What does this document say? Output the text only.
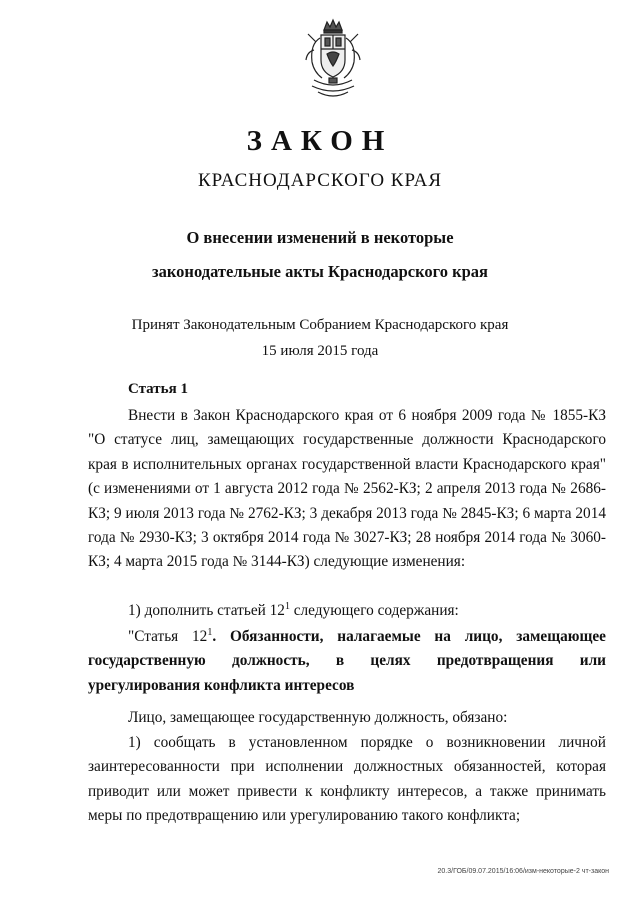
ЗАКОН
КРАСНОДАРСКОГО КРАЯ
О внесении изменений в некоторые
законодательные акты Краснодарского края
Принят Законодательным Собранием Краснодарского края
15 июля 2015 года
Статья 1
Внести в Закон Краснодарского края от 6 ноября 2009 года № 1855-КЗ "О статусе лиц, замещающих государственные должности Краснодарского края в исполнительных органах государственной власти Краснодарского края" (с изменениями от 1 августа 2012 года № 2562-КЗ; 2 апреля 2013 года № 2686-КЗ; 9 июля 2013 года № 2762-КЗ; 3 декабря 2013 года № 2845-КЗ; 6 марта 2014 года № 2930-КЗ; 3 октября 2014 года № 3027-КЗ; 28 ноября 2014 года № 3060-КЗ; 4 марта 2015 года № 3144-КЗ) следующие изменения:
1) дополнить статьей $12^1$ следующего содержания:
"Статья $12^1$. Обязанности, налагаемые на лицо, замещающее государственную должность, в целях предотвращения или урегулирования конфликта интересов
Лицо, замещающее государственную должность, обязано:
1) сообщать в установленном порядке о возникновении личной заинтересованности при исполнении должностных обязанностей, которая приводит или может привести к конфликту интересов, а также принимать меры по предотвращению или урегулированию такого конфликта;
20.3/ГОБ/09.07.2015/16:06/изм-некоторые-2 чт-закон
